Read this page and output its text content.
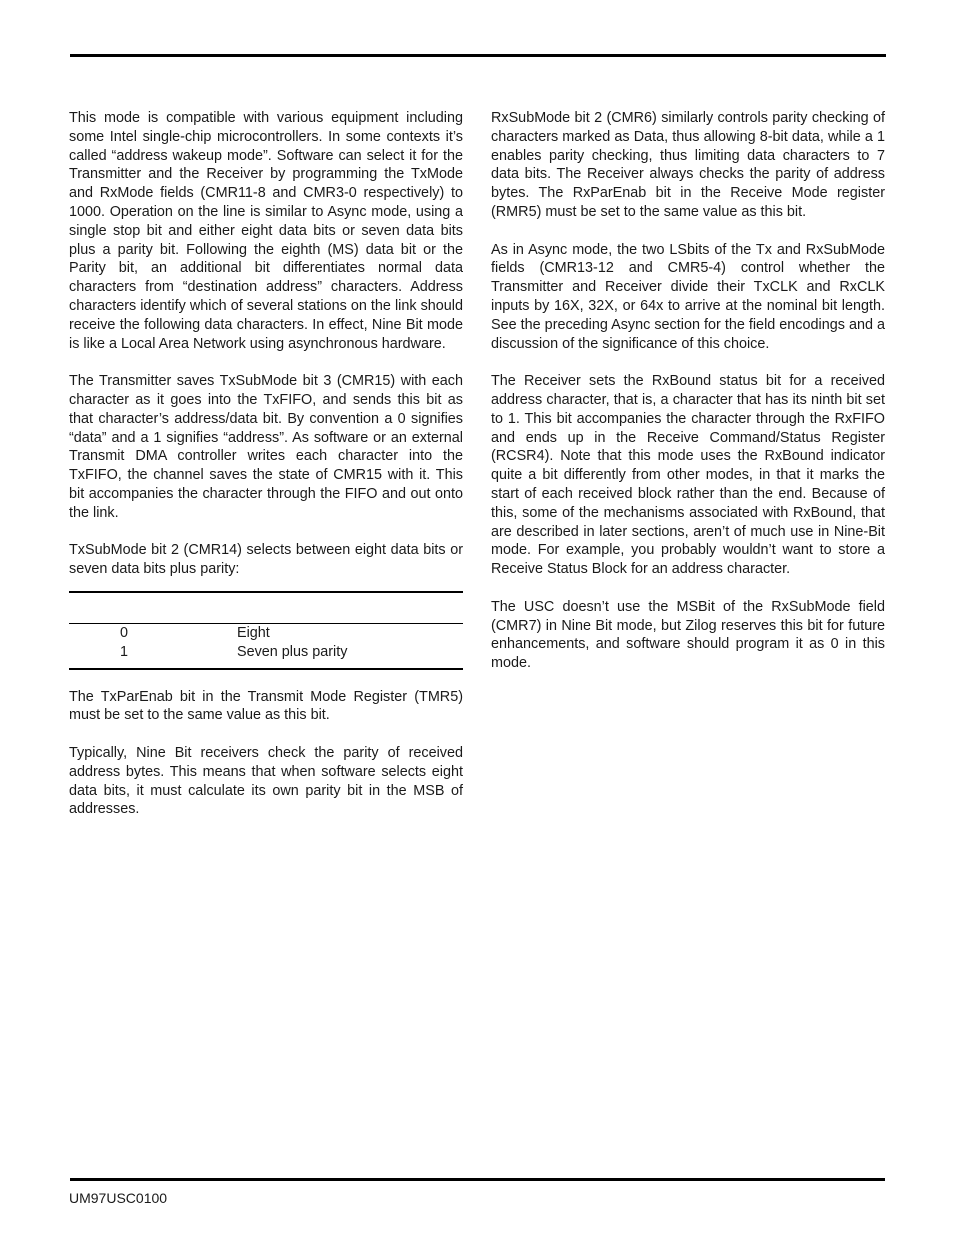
This mode is compatible with various equipment including some Intel single-chip microcontrollers. In some contexts it’s called “address wakeup mode”. Software can select it for the Transmitter and the Receiver by programming the TxMode and RxMode fields (CMR11-8 and CMR3-0 respectively) to 1000. Operation on the line is similar to Async mode, using a single stop bit and either eight data bits or seven data bits plus a parity bit. Following the eighth (MS) data bit or the Parity bit, an additional bit differentiates normal data characters from “destination address” characters. Address characters identify which of several stations on the link should receive the following data characters. In effect, Nine Bit mode is like a Local Area Network using asynchronous hardware.

The Transmitter saves TxSubMode bit 3 (CMR15) with each character as it goes into the TxFIFO, and sends this bit as that character’s address/data bit. By convention a 0 signifies “data” and a 1 signifies “address”. As software or an external Transmit DMA controller writes each character into the TxFIFO, the channel saves the state of CMR15 with it. This bit accompanies the character through the FIFO and out onto the link.

TxSubMode bit 2 (CMR14) selects between eight data bits or seven data bits plus parity:

0	Eight
1	Seven plus parity

The TxParEnab bit in the Transmit Mode Register (TMR5) must be set to the same value as this bit.

Typically, Nine Bit receivers check the parity of received address bytes. This means that when software selects eight data bits, it must calculate its own parity bit in the MSB of addresses.

RxSubMode bit 2 (CMR6) similarly controls parity checking of characters marked as Data, thus allowing 8-bit data, while a 1 enables parity checking, thus limiting data characters to 7 data bits. The Receiver always checks the parity of address bytes. The RxParEnab bit in the Receive Mode register (RMR5) must be set to the same value as this bit.

As in Async mode, the two LSbits of the Tx and RxSubMode fields (CMR13-12 and CMR5-4) control whether the Transmitter and Receiver divide their TxCLK and RxCLK inputs by 16X, 32X, or 64x to arrive at the nominal bit length. See the preceding Async section for the field encodings and a discussion of the significance of this choice.

The Receiver sets the RxBound status bit for a received address character, that is, a character that has its ninth bit set to 1. This bit accompanies the character through the RxFIFO and ends up in the Receive Command/Status Register (RCSR4). Note that this mode uses the RxBound indicator quite a bit differently from other modes, in that it marks the start of each received block rather than the end. Because of this, some of the mechanisms associated with RxBound, that are described in later sections, aren’t of much use in Nine-Bit mode. For example, you probably wouldn’t want to store a Receive Status Block for an address character.

The USC doesn’t use the MSBit of the RxSubMode field (CMR7) in Nine Bit mode, but Zilog reserves this bit for future enhancements, and software should program it as 0 in this mode.

UM97USC0100
